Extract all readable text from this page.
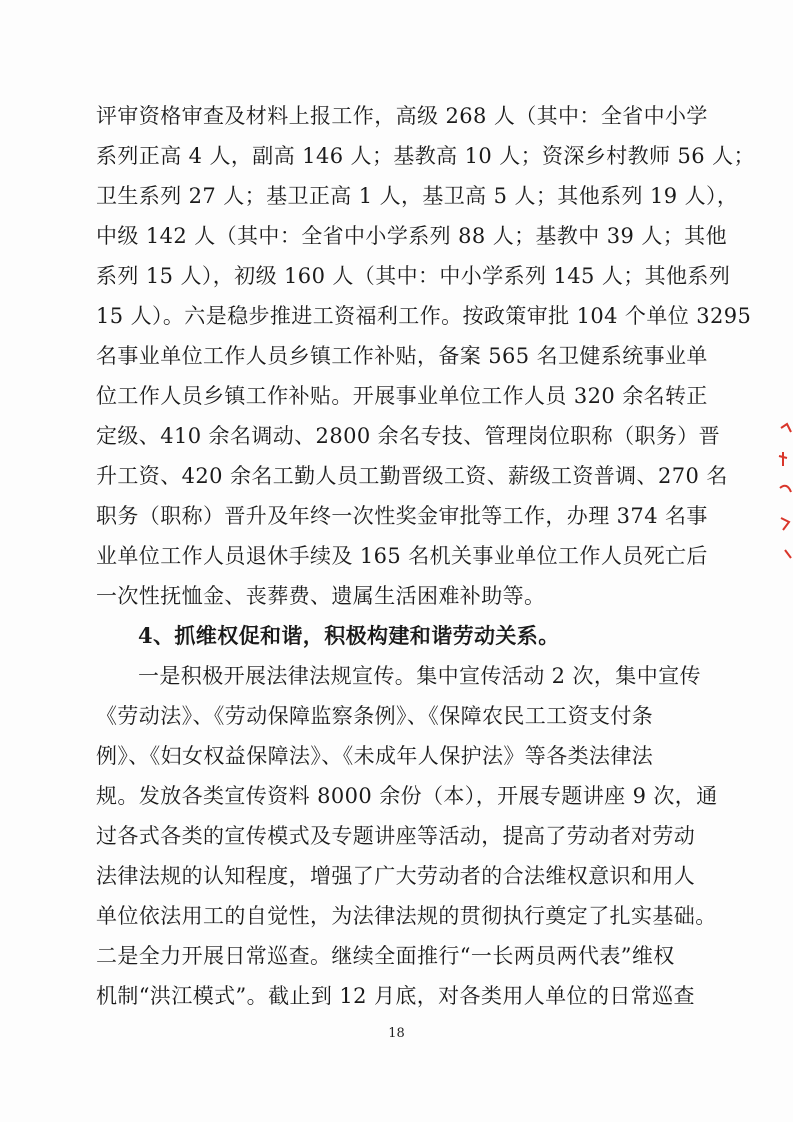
评审资格审查及材料上报工作，高级 268 人（其中：全省中小学
系列正高 4 人，副高 146 人；基教高 10 人；资深乡村教师 56 人；
卫生系列 27 人；基卫正高 1 人，基卫高 5 人；其他系列 19 人），
中级 142 人（其中：全省中小学系列 88 人；基教中 39 人；其他
系列 15 人），初级 160 人（其中：中小学系列 145 人；其他系列
15 人）。六是稳步推进工资福利工作。按政策审批 104 个单位 3295
名事业单位工作人员乡镇工作补贴，备案 565 名卫健系统事业单
位工作人员乡镇工作补贴。开展事业单位工作人员 320 余名转正
定级、410 余名调动、2800 余名专技、管理岗位职称（职务）晋
升工资、420 余名工勤人员工勤晋级工资、薪级工资普调、270 名
职务（职称）晋升及年终一次性奖金审批等工作，办理 374 名事
业单位工作人员退休手续及 165 名机关事业单位工作人员死亡后
一次性抚恤金、丧葬费、遗属生活困难补助等。
4、抓维权促和谐，积极构建和谐劳动关系。
一是积极开展法律法规宣传。集中宣传活动 2 次，集中宣传
《劳动法》、《劳动保障监察条例》、《保障农民工工资支付条
例》、《妇女权益保障法》、《未成年人保护法》等各类法律法
规。发放各类宣传资料 8000 余份（本），开展专题讲座 9 次，通
过各式各类的宣传模式及专题讲座等活动，提高了劳动者对劳动
法律法规的认知程度，增强了广大劳动者的合法维权意识和用人
单位依法用工的自觉性，为法律法规的贯彻执行奠定了扎实基础。
二是全力开展日常巡查。继续全面推行“一长两员两代表”维权
机制“洪江模式”。截止到 12 月底，对各类用人单位的日常巡查
18
